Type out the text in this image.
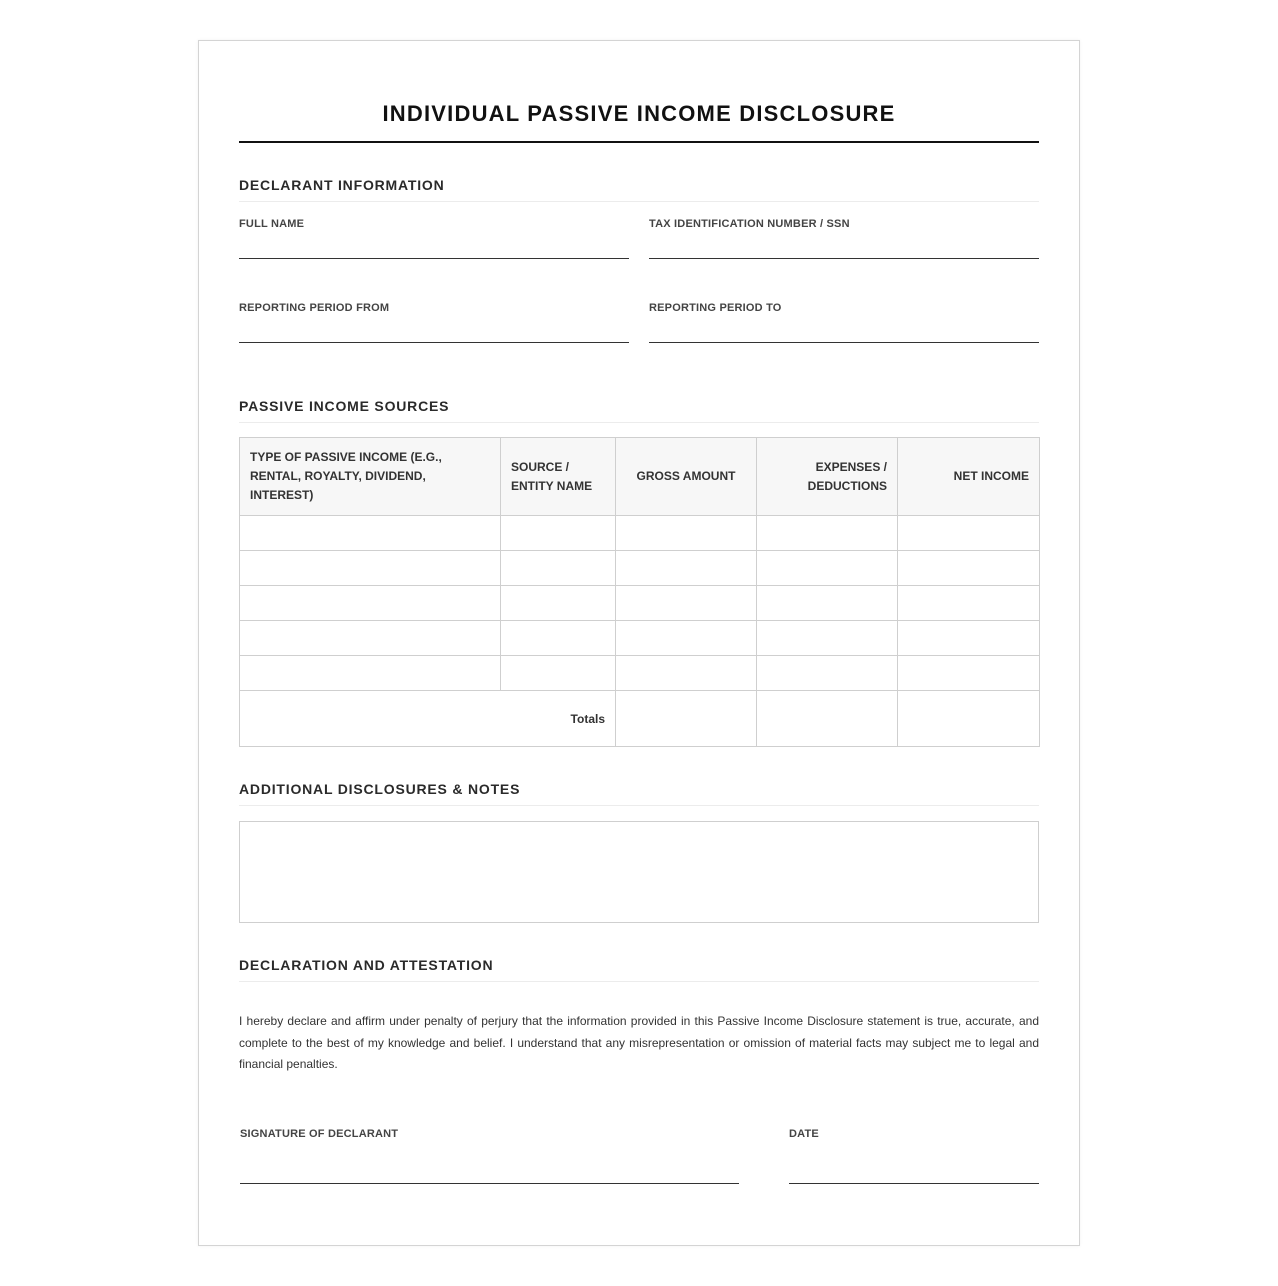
INDIVIDUAL PASSIVE INCOME DISCLOSURE
DECLARANT INFORMATION
FULL NAME	TAX IDENTIFICATION NUMBER / SSN
REPORTING PERIOD FROM	REPORTING PERIOD TO
PASSIVE INCOME SOURCES
TYPE OF PASSIVE INCOME (E.G., RENTAL, ROYALTY, DIVIDEND, INTEREST)	SOURCE / ENTITY NAME	GROSS AMOUNT	EXPENSES / DEDUCTIONS	NET INCOME

Totals				
ADDITIONAL DISCLOSURES & NOTES
DECLARATION AND ATTESTATION
I hereby declare and affirm under penalty of perjury that the information provided in this Passive Income Disclosure statement is true, accurate, and complete to the best of my knowledge and belief. I understand that any misrepresentation or omission of material facts may subject me to legal and financial penalties.
SIGNATURE OF DECLARANT	DATE
